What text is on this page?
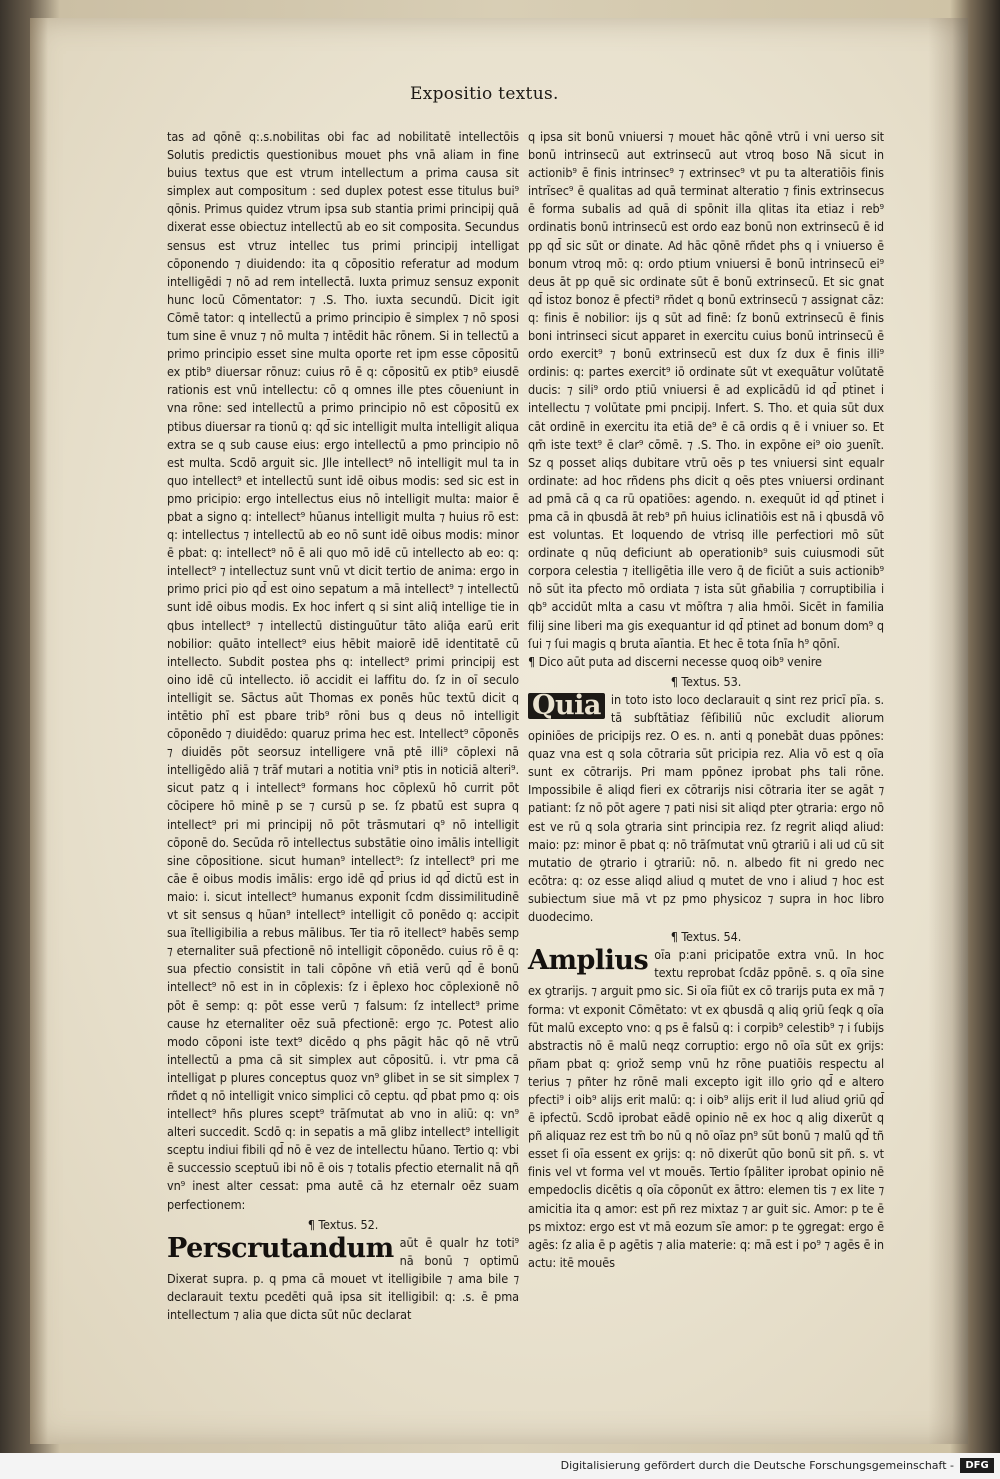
Expositio textus.

tas ad qōnē q:.s.nobilitas obi fac ad nobilitatē intellectōis Solutis predictis questionibus mouet phs vnā aliam in fine buius textus que est vtrum intellectum a prima causa sit simplex aut compositum : sed duplex potest esse titulus bui⁹ qōnis. Primus quidez vtrum ipsa sub stantia primi principij quā dixerat esse obiectuz intellectū ab eo sit composita. Secundus sensus est vtruz intellec tus primi principij intelligat cōponendo ⁊ diuidendo: ita q cōpositio referatur ad modum intelligēdi ⁊ nō ad rem intellectā. Iuxta primuz sensuz exponit hunc locū Cōmentator: ⁊ .S. Tho. iuxta secundū. Dicit igit Cōmē tator: q intellectū a primo principio ē simplex ⁊ nō sposi tum sine ē vnuz ⁊ nō multa ⁊ intēdit hāc rōnem. Si in tellectū a primo principio esset sine multa oporte ret ipm esse cōpositū ex ptib⁹ diuersar rōnuz: cuius rō ē q: cōpositū ex ptib⁹ eiusdē rationis est vnū intellectu: cō q omnes ille ptes cōueniunt in vna rōne: sed intellectū a primo principio nō est cōpositū ex ptibus diuersar ra tionū q: qd̄ sic intelligit multa intelligit aliqua extra se q sub cause eius: ergo intellectū a pmo principio nō est multa. Scdō arguit sic. Jlle intellect⁹ nō intelligit mul ta in quo intellect⁹ et intellectū sunt idē oibus modis: sed sic est in pmo pricipio: ergo intellectus eius nō intelligit multa: maior ē pbat a signo q: intellect⁹ hūanus intelligit multa ⁊ huius rō est: q: intellectus ⁊ intellectū ab eo nō sunt idē oibus modis: minor ē pbat: q: intellect⁹ nō ē ali quo mō idē cū intellecto ab eo: q: intellect⁹ ⁊ intellectuz sunt vnū vt dicit tertio de anima: ergo in primo prici pio qd̄ est oino sepatum a mā intellect⁹ ⁊ intellectū sunt idē oibus modis. Ex hoc infert q si sint aliq̄ intellige tie in qbus intellect⁹ ⁊ intellectū distinguūtur tāto aliq̄a earū erit nobilior: quāto intellect⁹ eius hēbit maiorē idē identitatē cū intellecto. Subdit postea phs q: intellect⁹ primi principij est oino idē cū intellecto. iō accidit ei laffitu do. ſz in oī seculo intelligit se. Sāctus aūt Thomas ex ponēs hūc textū dicit q intētio phī est pbare trib⁹ rōni bus q deus nō intelligit cōponēdo ⁊ diuidēdo: quaruz prima hec est. Intellect⁹ cōponēs ⁊ diuidēs pōt seorsuz intelligere vnā ptē illi⁹ cōplexi nā intelligēdo aliā ⁊ trāf mutari a notitia vni⁹ ptis in noticiā alteri⁹. sicut patz q i intellect⁹ formans hoc cōplexū hō currit pōt cōcipere hō minē p se ⁊ cursū p se. ſz pbatū est supra q intellect⁹ pri mi principij nō pōt trāsmutari q⁹ nō intelligit cōponē do. Secūda rō intellectus substātie oino imālis intelligit sine cōpositione. sicut human⁹ intellect⁹: ſz intellect⁹ pri me cāe ē oibus modis imālis: ergo idē qd̄ prius id qd̄ dictū est in maio: i. sicut intellect⁹ humanus exponit ſcdm dissimilitudinē vt sit sensus q hūan⁹ intellect⁹ intelligit cō ponēdo q: accipit sua ītelligibilia a rebus mālibus. Ter tia rō itellect⁹ habēs semp ⁊ eternaliter suā pfectionē nō intelligit cōponēdo. cuius rō ē q: sua pfectio consistit in tali cōpōne vn̄ etiā verū qd̄ ē bonū intellect⁹ nō est in in cōplexis: ſz i ēplexo hoc cōplexionē nō pōt ē semp: q: pōt esse verū ⁊ falsum: ſz intellect⁹ prime cause hz eternaliter oēz suā pfectionē: ergo ⁊c. Potest alio modo cōponi iste text⁹ dicēdo q phs pāgit hāc qō nē vtrū intellectū a pma cā sit simplex aut cōpositū. i. vtr pma cā intelligat p plures conceptus quoz vn⁹ glibet in se sit simplex ⁊ rñdet q nō intelligit vnico simplici cō ceptu. qd̄ pbat pmo q: ois intellect⁹ hñs plures scept⁹ trāſmutat ab vno in aliū: q: vn⁹ alteri succedit. Scdō q: in sepatis a mā glibz intellect⁹ intelligit sceptu indiui fibili qd̄ nō ē vez de intellectu hūano. Tertio q: vbi ē successio sceptuū ibi nō ē ois ⁊ totalis pfectio eternalit nā qñ vn⁹ inest alter cessat: pma autē cā hz eternalr oēz suam perfectionem:

¶ Textus. 52.

Perscrutandum aūt ē qualr hz toti⁹ nā bonū ⁊ optimū Dixerat supra. p. q pma cā mouet vt itelligibile ⁊ ama bile ⁊ declarauit textu pcedēti quā ipsa sit itelligibil: q: .s. ē pma intellectum ⁊ alia que dicta sūt nūc declarat

q ipsa sit bonū vniuersi ⁊ mouet hāc qōnē vtrū i vni uerso sit bonū intrinsecū aut extrinsecū aut vtroq boso Nā sicut in actionib⁹ ē finis intrinsec⁹ ⁊ extrinsec⁹ vt pu ta alteratiōis finis intrīsec⁹ ē qualitas ad quā terminat alteratio ⁊ finis extrinsecus ē forma subalis ad quā di spōnit illa qlitas ita etiaz i reb⁹ ordinatis bonū intrinsecū est ordo eaz bonū non extrinsecū ē id pp qd̄ sic sūt or dinate. Ad hāc qōnē rñdet phs q i vniuerso ē bonum vtroq mō: q: ordo ptium vniuersi ē bonū intrinsecū ei⁹ deus āt pp quē sic ordinate sūt ē bonū extrinsecū. Et sic gnat qd̄ istoz bonoz ē pfecti⁹ rñdet q bonū extrinsecū ⁊ assignat cāz: q: finis ē nobilior: ijs q sūt ad finē: ſz bonū extrinsecū ē finis boni intrinseci sicut apparet in exercitu cuius bonū intrinsecū ē ordo exercit⁹ ⁊ bonū extrinsecū est dux ſz dux ē finis illi⁹ ordinis: q: partes exercit⁹ iō ordinate sūt vt exequātur volūtatē ducis: ⁊ sili⁹ ordo ptiū vniuersi ē ad explicādū id qd̄ ptinet i intellectu ⁊ volūtate pmi pncipij. Infert. S. Tho. et quia sūt dux cāt ordinē in exercitu ita etiā de⁹ ē cā ordis q ē i vniuer so. Et qm̄ iste text⁹ ē clar⁹ cōmē. ⁊ .S. Tho. in expōne ei⁹ oio ȝuenīt. Sz q posset aliqs dubitare vtrū oēs p tes vniuersi sint equalr ordinate: ad hoc rñdens phs dicit q oēs ptes vniuersi ordinant ad pmā cā q ca rū opatiōes: agendo. n. exequūt id qd̄ ptinet i pma cā in qbusdā āt reb⁹ pn̄ huius iclinatiōis est nā i qbusdā vō est voluntas. Et loquendo de vtrisq ille perfectiori mō sūt ordinate q nūq deficiunt ab operationib⁹ suis cuiusmodi sūt corpora celestia ⁊ itelligētia ille vero q̄ de ficiūt a suis actionib⁹ nō sūt ita pfecto mō ordiata ⁊ ista sūt gñabilia ⁊ corruptibilia i qb⁹ accidūt mlta a casu vt mōſtra ⁊ alia hmōi. Sicēt in familia filij sine liberi ma gis exequantur id qd̄ ptinet ad bonum dom⁹ q ſui ⁊ ſui magis q bruta aīantia. Et hec ē tota ſnīa h⁹ qōnī.

¶ Dico aūt puta ad discerni necesse quoq oib⁹ venire

¶ Textus. 53.

Quia in toto isto loco declarauit q sint rez pricī pīa. s. tā subſtātiaz ſēſibiliū nūc excludit aliorum opiniōes de pricipijs rez. O es. n. anti q ponebāt duas ppōnes: quaz vna est q sola cōtraria sūt pricipia rez. Alia vō est q oīa sunt ex cōtrarijs. Pri mam ppōnez iprobat phs tali rōne. Impossibile ē aliqd fieri ex cōtrarijs nisi cōtraria iter se agāt ⁊ patiant: ſz nō pōt agere ⁊ pati nisi sit aliqd pter ꝯtraria: ergo nō est ve rū q sola ꝯtraria sint principia rez. ſz regrit aliqd aliud: maio: pz: minor ē pbat q: nō trāſmutat vnū ꝯtrariū i ali ud cū sit mutatio de ꝯtrario i ꝯtrariū: nō. n. albedo fit ni gredo nec ecōtra: q: oz esse aliqd aliud q mutet de vno i aliud ⁊ hoc est subiectum siue mā vt pz pmo physicoz ⁊ supra in hoc libro duodecimo.

¶ Textus. 54.

Amplius oīa p:ani pricipatōe extra vnū. In hoc textu reprobat ſcdāz ppōnē. s. q oīa sine ex ꝯtrarijs. ⁊ arguit pmo sic. Si oīa fiūt ex cō trarijs puta ex mā ⁊ forma: vt exponit Cōmētato: vt ex qbusdā q aliq ꝯriū ſeqk q oīa fūt malū excepto vno: q ps ē falsū q: i corpib⁹ celestib⁹ ⁊ i ſubijs abstractis nō ē malū neqz corruptio: ergo nō oīa sūt ex ꝯrijs: pñam pbat q: ꝯriož semp vnū hz rōne puatiōis respectu al terius ⁊ pñter hz rōnē mali excepto igit illo ꝯrio qd̄ e altero pfecti⁹ i oib⁹ alijs erit malū: q: i oib⁹ alijs erit il lud aliud ꝯriū qd̄ ē ipfectū. Scdō iprobat eādē opinio nē ex hoc q alig dixerūt q pñ aliquaz rez est tm̄ bo nū q nō oīaz pn⁹ sūt bonū ⁊ malū qd̄ tñ esset ſi oīa essent ex ꝯrijs: q: nō dixerūt qūo bonū sit pñ. s. vt finis vel vt forma vel vt mouēs. Tertio ſpāliter iprobat opinio nē empedoclis dicētis q oīa cōponūt ex āttro: elemen tis ⁊ ex lite ⁊ amicitia ita q amor: est pñ rez mixtaz ⁊ ar guit sic. Amor: p te ē ps mixtoz: ergo est vt mā eozum sīe amor: p te ꝯgregat: ergo ē agēs: ſz alia ē p agētis ⁊ alia materie: q: mā est i po⁹ ⁊ agēs ē in actu: itē mouēs
Digitalisierung gefördert durch die Deutsche Forschungsgemeinschaft -	DFG
